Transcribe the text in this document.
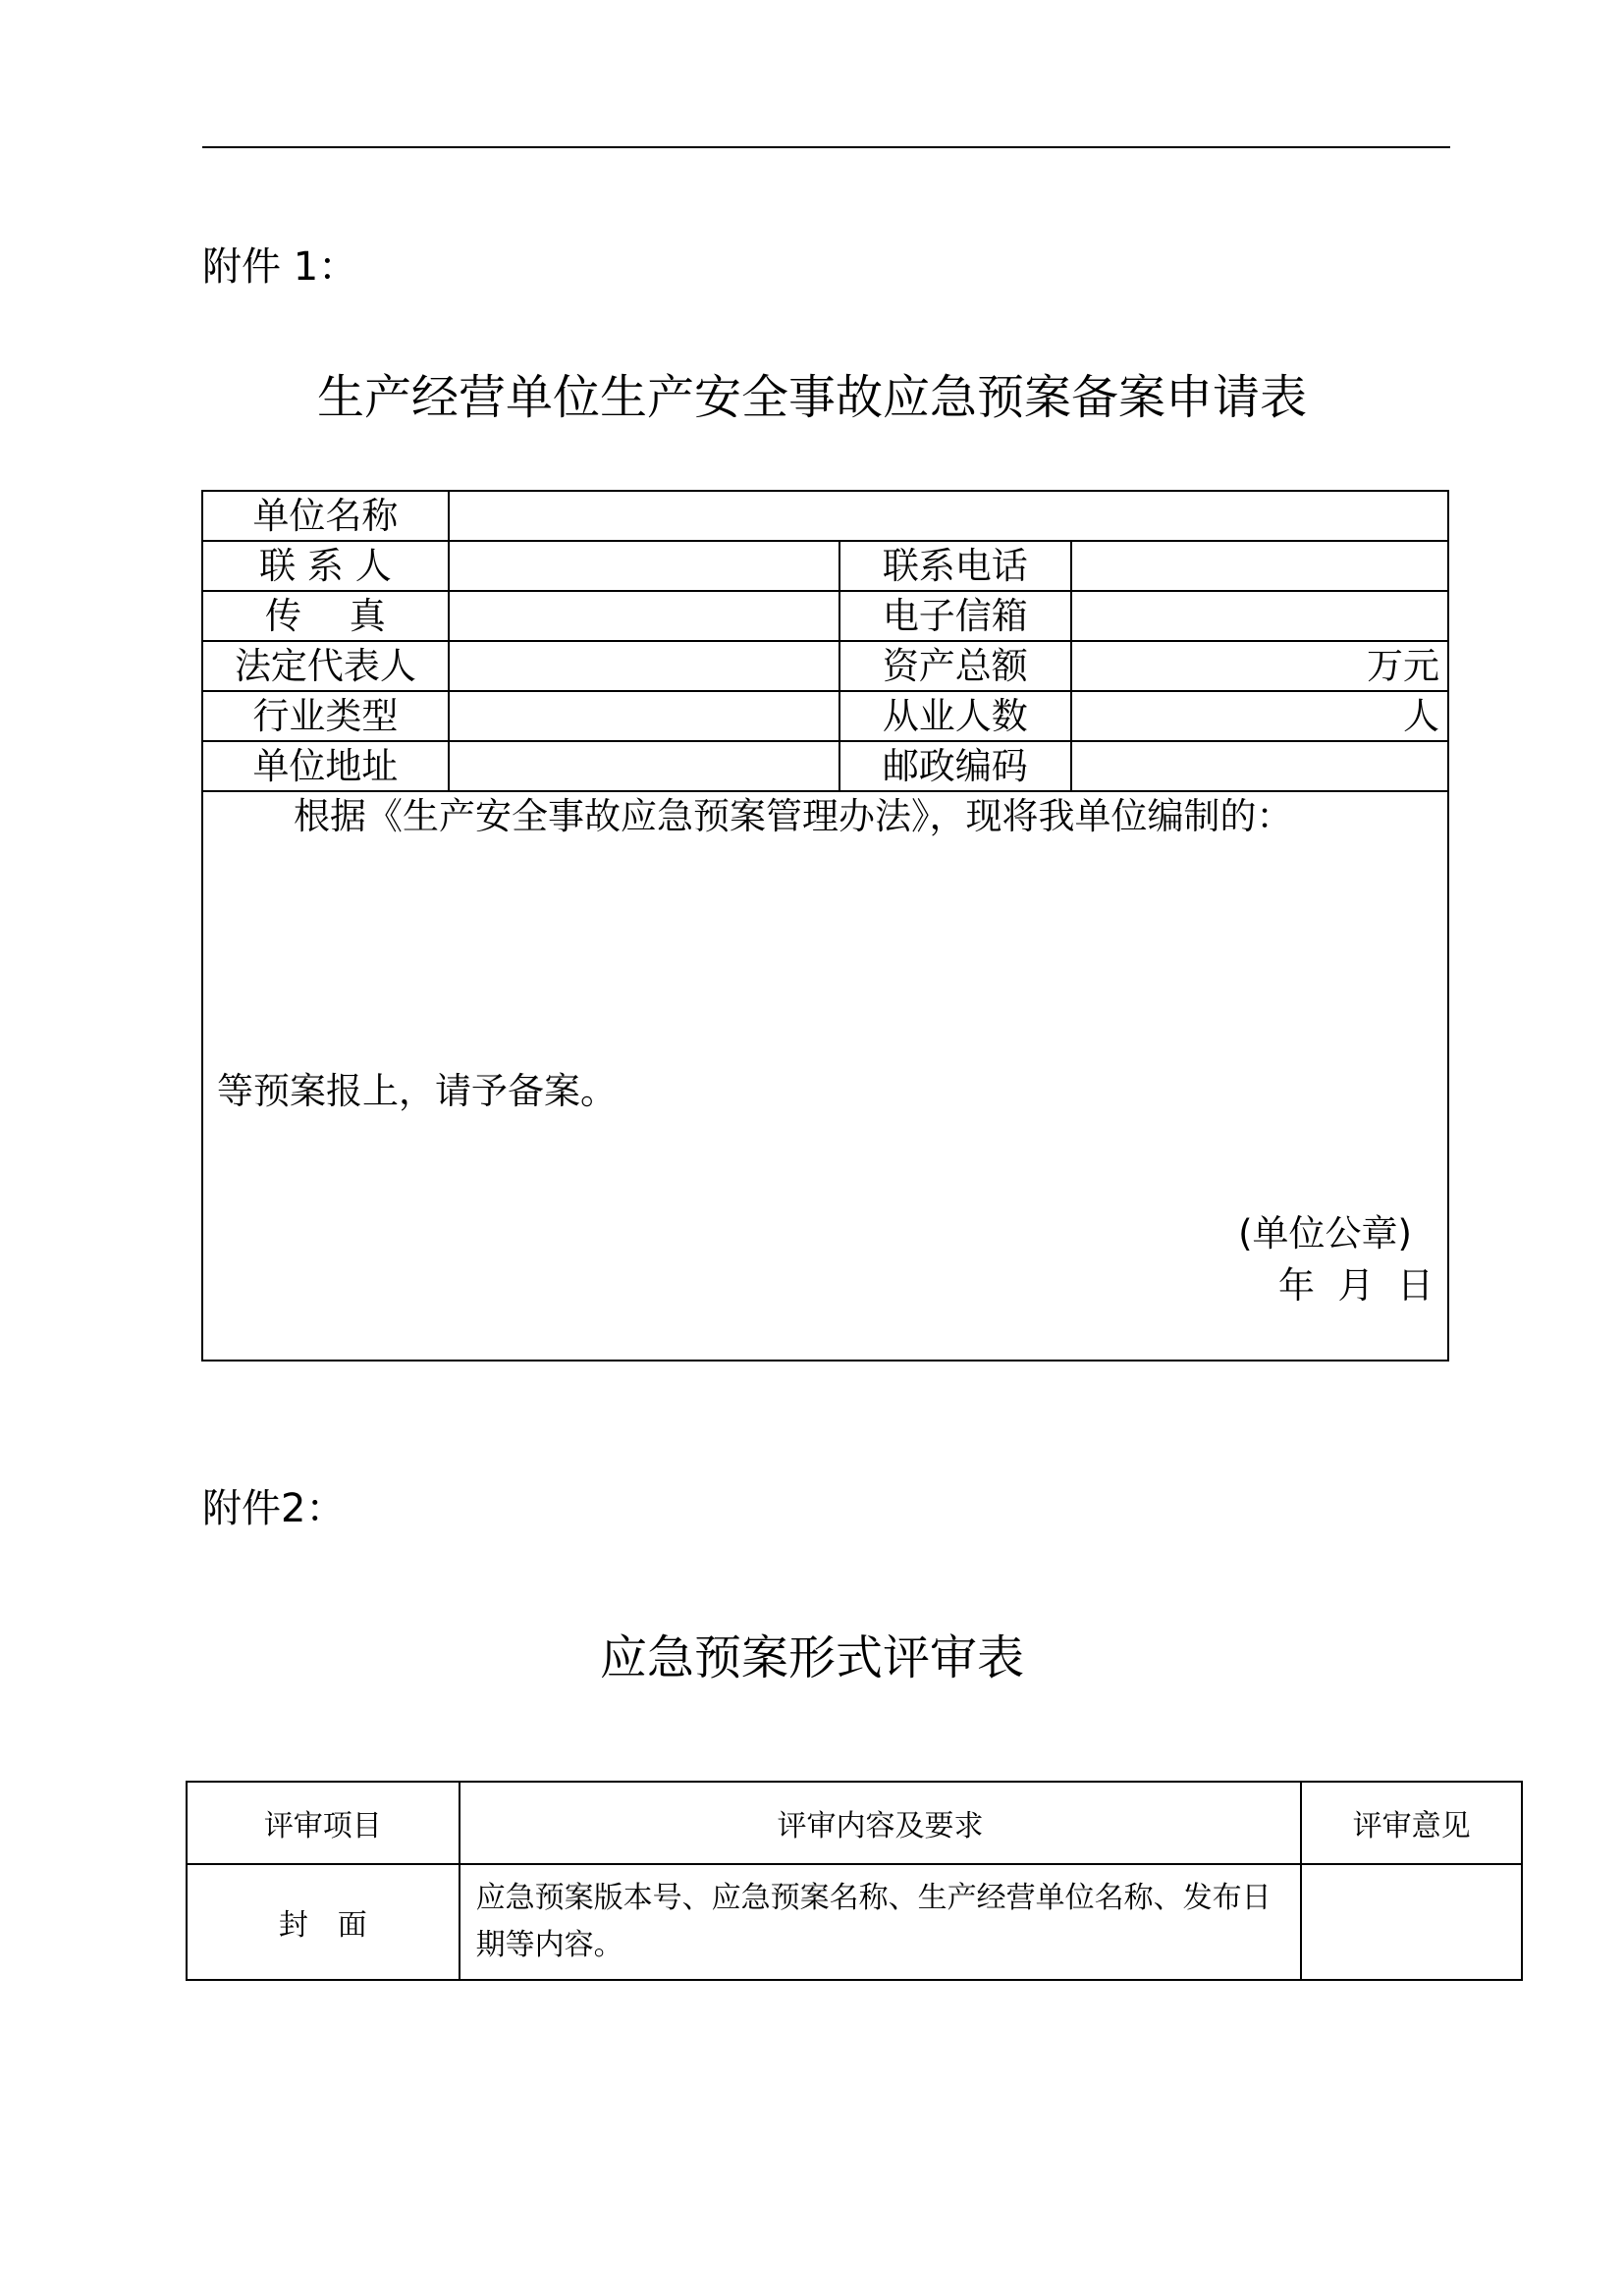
附件 1：
生产经营单位生产安全事故应急预案备案申请表
单位名称			
联 系 人		联系电话	
传　 真		电子信箱	
法定代表人		资产总额	万元
行业类型		从业人数	人
单位地址		邮政编码	

根据《生产安全事故应急预案管理办法》，现将我单位编制的：
等预案报上，请予备案。
(单位公章)
年  月  日			
附件2：
应急预案形式评审表
评审项目	评审内容及要求	评审意见
封　面	应急预案版本号、应急预案名称、生产经营单位名称、发布日期等内容。	
